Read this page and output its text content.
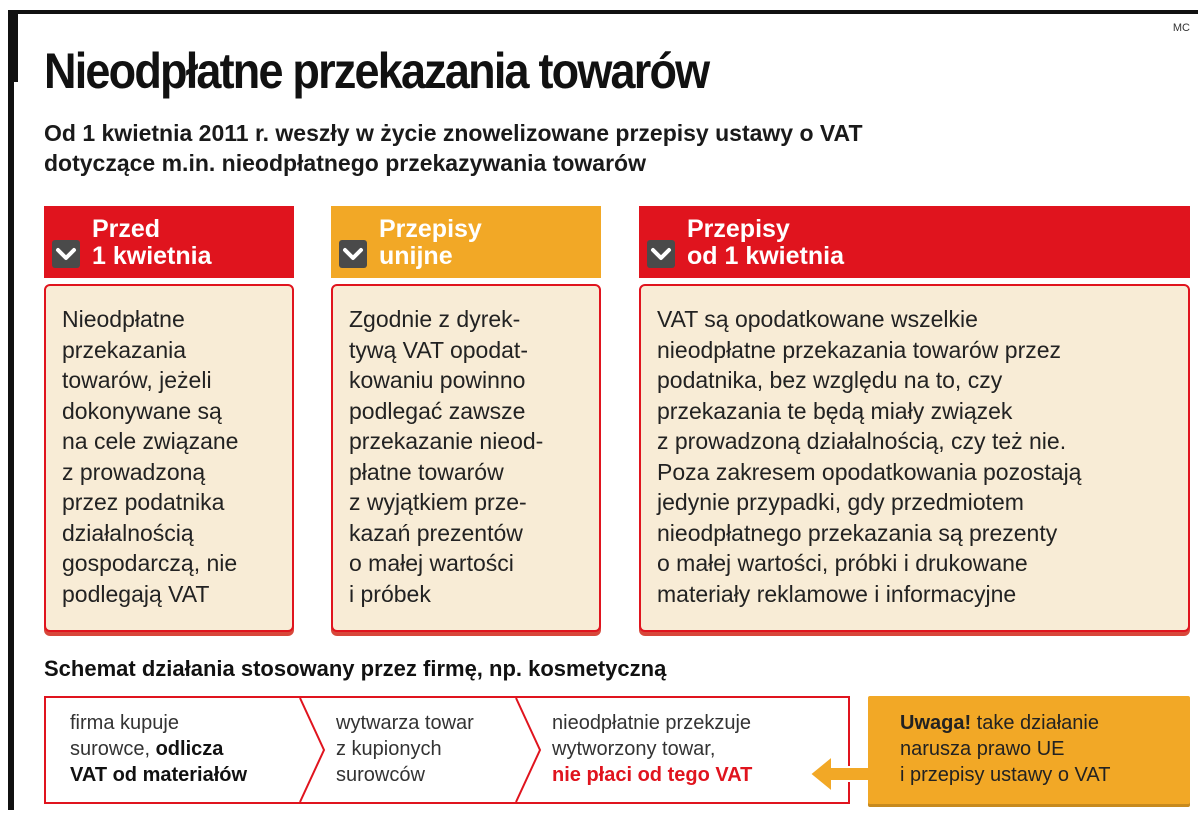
MC
Nieodpłatne przekazania towarów

Od 1 kwietnia 2011 r. weszły w życie znowelizowane przepisy ustawy o VAT
dotyczące m.in. nieodpłatnego przekazywania towarów

Przed
1 kwietnia
Nieodpłatne
przekazania
towarów, jeżeli
dokonywane są
na cele związane
z prowadzoną
przez podatnika
działalnością
gospodarczą, nie
podlegają VAT
Przepisy
unijne
Zgodnie z dyrek-
tywą VAT opodat-
kowaniu powinno
podlegać zawsze
przekazanie nieod-
płatne towarów
z wyjątkiem prze-
kazań prezentów
o małej wartości
i próbek
Przepisy
od 1 kwietnia
VAT są opodatkowane wszelkie
nieodpłatne przekazania towarów przez
podatnika, bez względu na to, czy
przekazania te będą miały związek
z prowadzoną działalnością, czy też nie.
Poza zakresem opodatkowania pozostają
jedynie przypadki, gdy przedmiotem
nieodpłatnego przekazania są prezenty
o małej wartości, próbki i drukowane
materiały reklamowe i informacyjne
Schemat działania stosowany przez firmę, np. kosmetyczną
firma kupuje
surowce, odlicza
VAT od materiałów
wytwarza towar
z kupionych
surowców
nieodpłatnie przekzuje
wytworzony towar,
nie płaci od tego VAT
Uwaga! take działanie
narusza prawo UE
i przepisy ustawy o VAT
